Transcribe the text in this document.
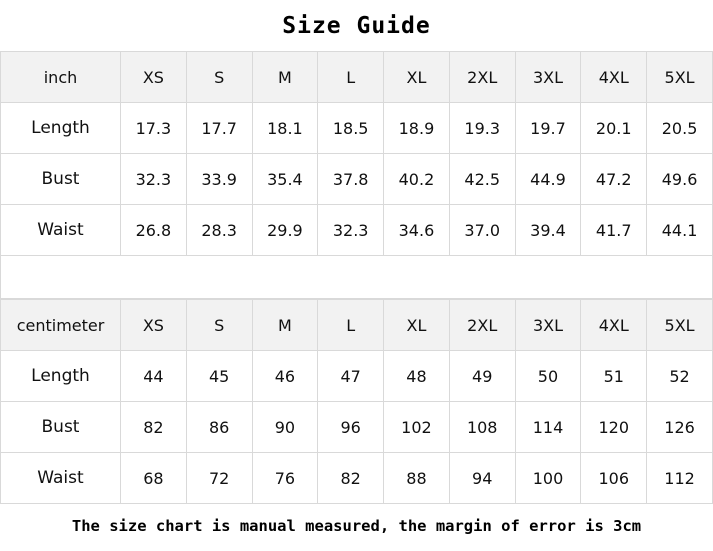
Size Guide
inch	XS	S	M	L	XL	2XL	3XL	4XL	5XL
Length	17.3	17.7	18.1	18.5	18.9	19.3	19.7	20.1	20.5
Bust	32.3	33.9	35.4	37.8	40.2	42.5	44.9	47.2	49.6
Waist	26.8	28.3	29.9	32.3	34.6	37.0	39.4	41.7	44.1
centimeter	XS	S	M	L	XL	2XL	3XL	4XL	5XL
Length	44	45	46	47	48	49	50	51	52
Bust	82	86	90	96	102	108	114	120	126
Waist	68	72	76	82	88	94	100	106	112
The size chart is manual measured, the margin of error is 3cm
